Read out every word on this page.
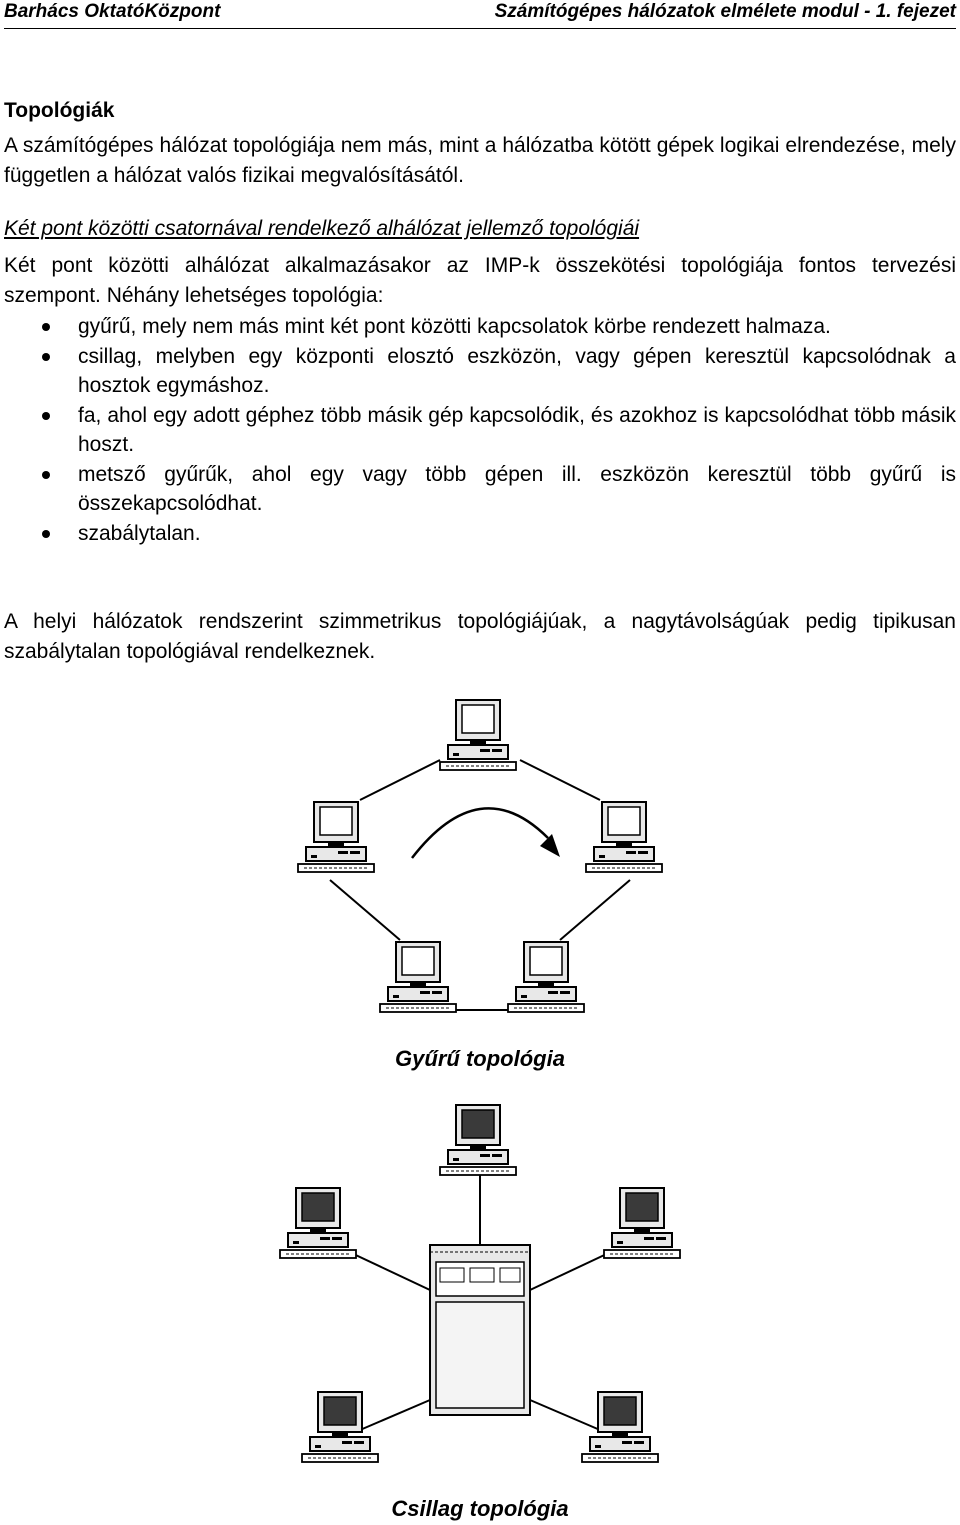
Barhács OktatóKözpont	Számítógépes hálózatok elmélete modul - 1. fejezet
Topológiák
A számítógépes hálózat topológiája nem más, mint a hálózatba kötött gépek logikai elrendezése, mely független a hálózat valós fizikai megvalósításától.
Két pont közötti csatornával rendelkező alhálózat jellemző topológiái
Két pont közötti alhálózat alkalmazásakor az IMP-k összekötési topológiája fontos tervezési szempont. Néhány lehetséges topológia:
gyűrű, mely nem más mint két pont közötti kapcsolatok körbe rendezett halmaza.
csillag, melyben egy központi elosztó eszközön, vagy gépen keresztül kapcsolódnak a hosztok egymáshoz.
fa, ahol egy adott géphez több másik gép kapcsolódik, és azokhoz is kapcsolódhat több másik hoszt.
metsző gyűrűk, ahol egy vagy több gépen ill. eszközön keresztül több gyűrű is összekapcsolódhat.
szabálytalan.
A helyi hálózatok rendszerint szimmetrikus topológiájúak, a nagytávolságúak pedig tipikusan szabálytalan topológiával rendelkeznek.
Gyűrű topológia
Csillag topológia
